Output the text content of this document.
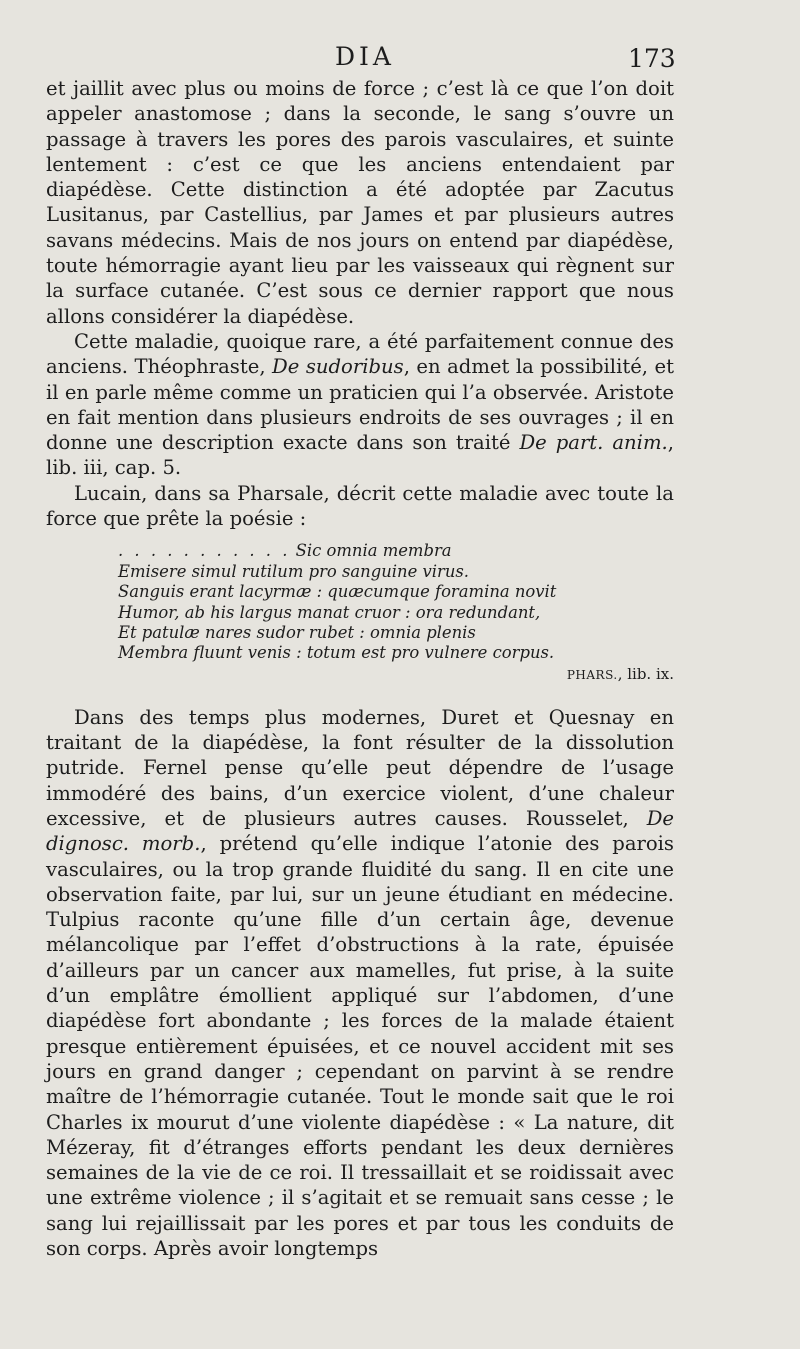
DIA	173

et jaillit avec plus ou moins de force ; c’est là ce que l’on doit appeler anastomose ; dans la seconde, le sang s’ouvre un passage à travers les pores des parois vasculaires, et suinte lentement : c’est ce que les anciens entendaient par diapédèse. Cette distinction a été adoptée par Zacutus Lusitanus, par Castellius, par James et par plusieurs autres savans médecins. Mais de nos jours on entend par diapédèse, toute hémorragie ayant lieu par les vaisseaux qui règnent sur la surface cutanée. C’est sous ce dernier rapport que nous allons considérer la diapédèse.

Cette maladie, quoique rare, a été parfaitement connue des anciens. Théophraste, De sudoribus, en admet la possibilité, et il en parle même comme un praticien qui l’a observée. Aristote en fait mention dans plusieurs endroits de ses ouvrages ; il en donne une description exacte dans son traité De part. anim., lib. iii, cap. 5.

Lucain, dans sa Pharsale, décrit cette maladie avec toute la force que prête la poésie :

. . . . . . . . . . . Sic omnia membra
Emisere simul rutilum pro sanguine virus.
Sanguis erant lacyrmæ : quæcumque foramina novit
Humor, ab his largus manat cruor : ora redundant,
Et patulæ nares sudor rubet : omnia plenis
Membra fluunt venis : totum est pro vulnere corpus.
PHARS., lib. ix.

Dans des temps plus modernes, Duret et Quesnay en traitant de la diapédèse, la font résulter de la dissolution putride. Fernel pense qu’elle peut dépendre de l’usage immodéré des bains, d’un exercice violent, d’une chaleur excessive, et de plusieurs autres causes. Rousselet, De dignosc. morb., prétend qu’elle indique l’atonie des parois vasculaires, ou la trop grande fluidité du sang. Il en cite une observation faite, par lui, sur un jeune étudiant en médecine. Tulpius raconte qu’une fille d’un certain âge, devenue mélancolique par l’effet d’obstructions à la rate, épuisée d’ailleurs par un cancer aux mamelles, fut prise, à la suite d’un emplâtre émollient appliqué sur l’abdomen, d’une diapédèse fort abondante ; les forces de la malade étaient presque entièrement épuisées, et ce nouvel accident mit ses jours en grand danger ; cependant on parvint à se rendre maître de l’hémorragie cutanée. Tout le monde sait que le roi Charles ix mourut d’une violente diapédèse : « La nature, dit Mézeray, fit d’étranges efforts pendant les deux dernières semaines de la vie de ce roi. Il tressaillait et se roidissait avec une extrême violence ; il s’agitait et se remuait sans cesse ; le sang lui rejaillissait par les pores et par tous les conduits de son corps. Après avoir longtemps
